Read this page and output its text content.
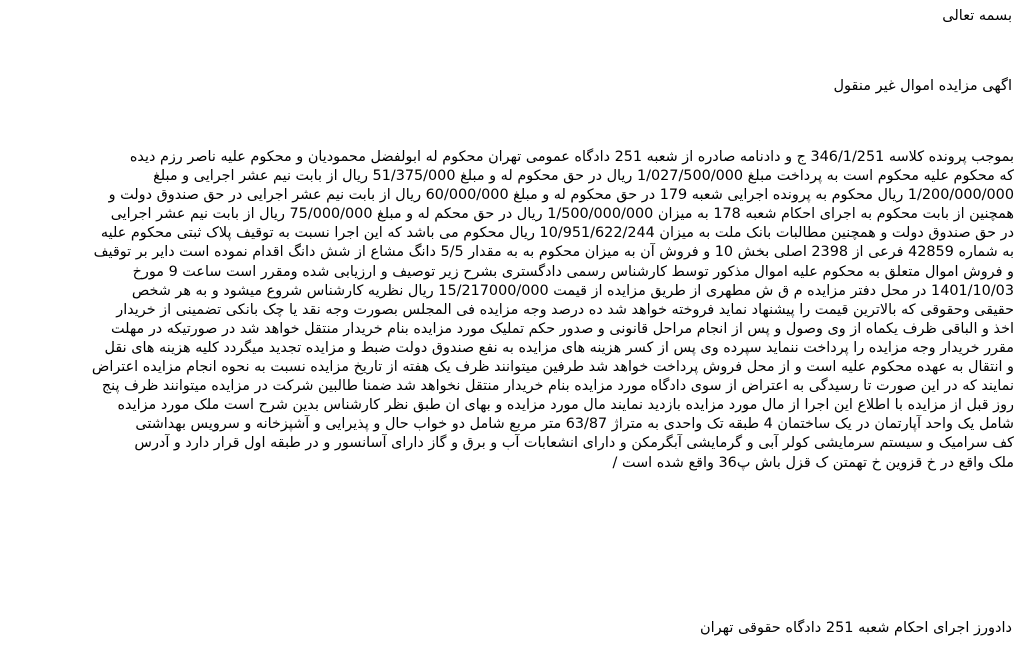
بسمه تعالی
اگهی مزایده اموال غیر منقول
بموجب پرونده کلاسه 346/1/251 ج و دادنامه صادره از شعبه 251 دادگاه عمومی تهران محکوم له ابولفضل محمودیان و محکوم علیه ناصر رزم دیده
که محکوم علیه محکوم است به پرداخت مبلغ 1/027/500/000 ریال در حق محکوم له و مبلغ 51/375/000 ریال از بابت نیم عشر اجرایی و مبلغ
1/200/000/000 ریال محکوم به پرونده اجرایی شعبه 179 در حق محکوم له و مبلغ 60/000/000 ریال از بابت نیم عشر اجرایی در حق صندوق دولت و
همچنین از بابت محکوم به اجرای احکام شعبه 178 به میزان 1/500/000/000 ریال در حق محکم له و مبلغ 75/000/000 ریال از بابت نیم عشر اجرایی
در حق صندوق دولت و همچنین مطالبات بانک ملت به میزان 10/951/622/244 ریال محکوم می باشد که این اجرا نسبت به توقیف پلاک ثبتی محکوم علیه
به شماره 42859 فرعی از 2398 اصلی بخش 10 و فروش آن به میزان محکوم به به مقدار 5/5 دانگ مشاع از شش دانگ اقدام نموده است دایر بر توقیف
و فروش اموال متعلق به محکوم علیه اموال مذکور توسط کارشناس رسمی دادگستری بشرح زیر توصیف و ارزیابی شده ومقرر است ساعت 9 مورخ
1401/10/03 در محل دفتر مزایده م ق ش مطهری از طریق مزایده از قیمت 15/217000/000 ریال نظریه کارشناس شروع میشود و به هر شخص
حقیقی وحقوقی که بالاترین قیمت را پیشنهاد نماید فروخته خواهد شد ده درصد وجه مزایده فی المجلس بصورت وجه نقد یا چک بانکی تضمینی از خریدار
اخذ و الباقی ظرف یکماه از وی وصول و پس از انجام مراحل قانونی و صدور حکم تملیک مورد مزایده بنام خریدار منتقل خواهد شد در صورتیکه در مهلت
مقرر خریدار وجه مزایده را پرداخت ننماید سپرده وی پس از کسر هزینه های مزایده به نفع صندوق دولت ضبط و مزایده تجدید میگردد کلیه هزینه های نقل
و انتقال به عهده محکوم علیه است و از محل فروش پرداخت خواهد شد طرفین میتوانند ظرف یک هفته از تاریخ مزایده نسبت به نحوه انجام مزایده اعتراض
نمایند که در این صورت تا رسیدگی به اعتراض از سوی دادگاه مورد مزایده بنام خریدار منتقل نخواهد شد ضمنا طالبین شرکت در مزایده میتوانند ظرف پنج
روز قبل از مزایده با اطلاع این اجرا از مال مورد مزایده بازدید نمایند مال مورد مزایده و بهای ان طبق نظر کارشناس بدین شرح است ملک مورد مزایده
شامل یک واحد آپارتمان در یک ساختمان 4 طبقه تک واحدی به متراژ 63/87 متر مربع شامل دو خواب حال و پذیرایی و آشپزخانه و سرویس بهداشتی
کف سرامیک و سیستم سرمایشی کولر آبی و گرمایشی آبگرمکن و دارای انشعابات آب و برق و گاز دارای آسانسور و در طبقه اول قرار دارد و آدرس
ملک واقع در خ قزوین خ تهمتن ک قزل باش پ36 واقع شده است /
دادورز اجرای احکام شعبه 251 دادگاه حقوقی تهران
